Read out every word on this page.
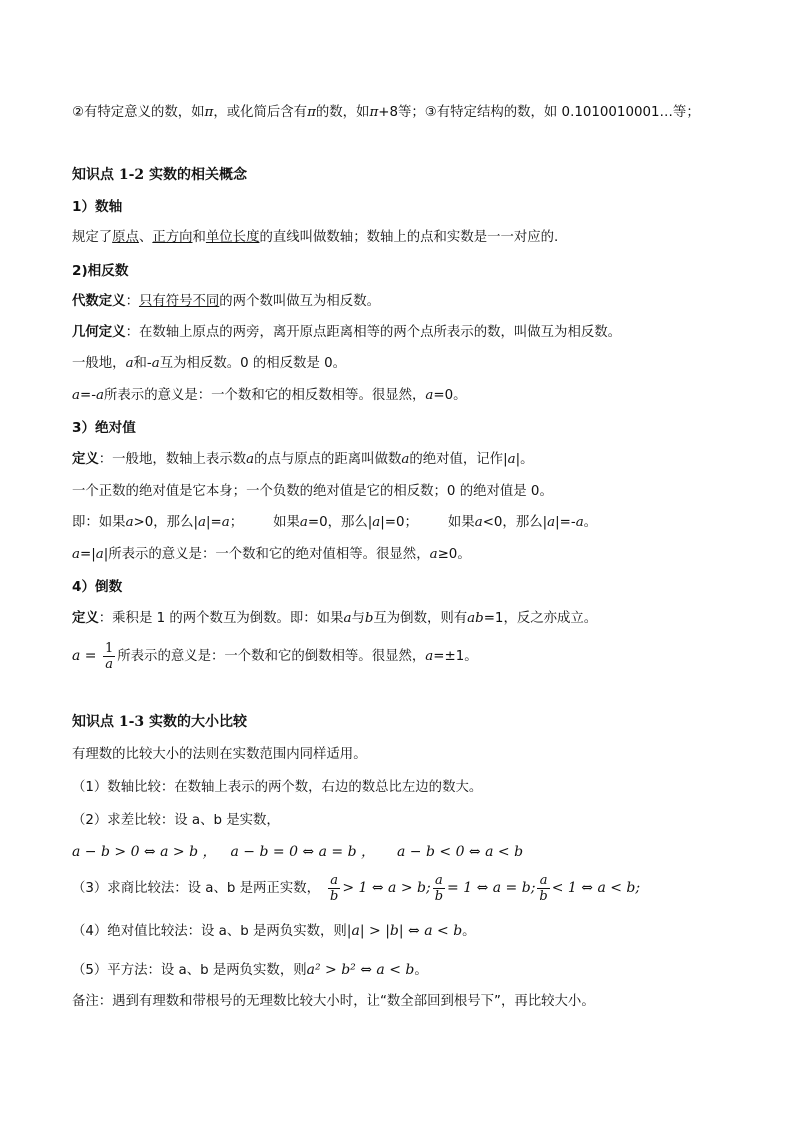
②有特定意义的数，如π，或化简后含有π的数，如π+8等；③有特定结构的数，如 0.1010010001…等；
知识点 1-2 实数的相关概念
1）数轴
规定了原点、正方向和单位长度的直线叫做数轴；数轴上的点和实数是一一对应的.
2)相反数
代数定义：只有符号不同的两个数叫做互为相反数。
几何定义：在数轴上原点的两旁，离开原点距离相等的两个点所表示的数，叫做互为相反数。
一般地，a和-a互为相反数。0 的相反数是 0。
a=-a所表示的意义是：一个数和它的相反数相等。很显然，a=0。
3）绝对值
定义：一般地，数轴上表示数a的点与原点的距离叫做数a的绝对值，记作|a|。
一个正数的绝对值是它本身；一个负数的绝对值是它的相反数；0 的绝对值是 0。
即：如果a>0，那么|a|=a； 如果a=0，那么|a|=0； 如果a<0，那么|a|=-a。
a=|a|所表示的意义是：一个数和它的绝对值相等。很显然，a≥0。
4）倒数
定义：乘积是 1 的两个数互为倒数。即：如果a与b互为倒数，则有ab=1，反之亦成立。
$a = \frac{1}{a}$ 所表示的意义是：一个数和它的倒数相等。很显然，a=±1。
知识点 1-3 实数的大小比较
有理数的比较大小的法则在实数范围内同样适用。
（1）数轴比较：在数轴上表示的两个数，右边的数总比左边的数大。
（2）求差比较：设 a、b 是实数，
a − b > 0 ⇔ a > b ， a − b = 0 ⇔ a = b ， a − b < 0 ⇔ a < b
（3）求商比较法：设 a、b 是两正实数， $\frac{a}{b} > 1$ ⇔ a > b; $\frac{a}{b} = 1$ ⇔ a = b; $\frac{a}{b} < 1$ ⇔ a < b;
（4）绝对值比较法：设 a、b 是两负实数，则|a| > |b| ⇔ a < b。
（5）平方法：设 a、b 是两负实数，则a² > b² ⇔ a < b。
备注：遇到有理数和带根号的无理数比较大小时，让“数全部回到根号下”，再比较大小。
